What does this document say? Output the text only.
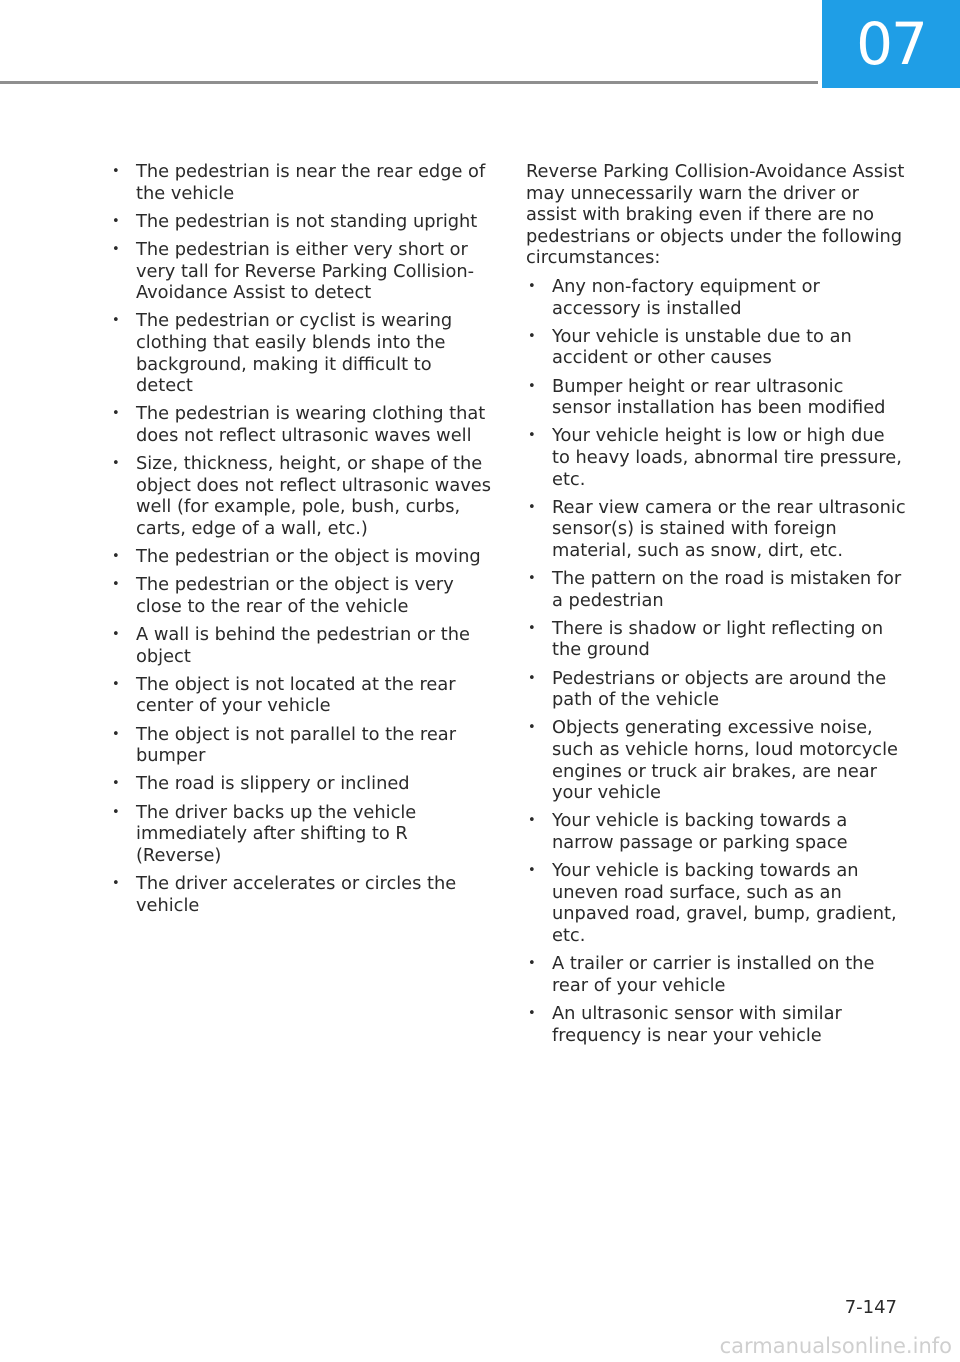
07
• The pedestrian is near the rear edge of the vehicle
• The pedestrian is not standing upright
• The pedestrian is either very short or very tall for Reverse Parking Collision-Avoidance Assist to detect
• The pedestrian or cyclist is wearing clothing that easily blends into the background, making it difficult to detect
• The pedestrian is wearing clothing that does not reflect ultrasonic waves well
• Size, thickness, height, or shape of the object does not reflect ultrasonic waves well (for example, pole, bush, curbs, carts, edge of a wall, etc.)
• The pedestrian or the object is moving
• The pedestrian or the object is very close to the rear of the vehicle
• A wall is behind the pedestrian or the object
• The object is not located at the rear center of your vehicle
• The object is not parallel to the rear bumper
• The road is slippery or inclined
• The driver backs up the vehicle immediately after shifting to R (Reverse)
• The driver accelerates or circles the vehicle

Reverse Parking Collision-Avoidance Assist may unnecessarily warn the driver or assist with braking even if there are no pedestrians or objects under the following circumstances:

• Any non-factory equipment or accessory is installed
• Your vehicle is unstable due to an accident or other causes
• Bumper height or rear ultrasonic sensor installation has been modified
• Your vehicle height is low or high due to heavy loads, abnormal tire pressure, etc.
• Rear view camera or the rear ultrasonic sensor(s) is stained with foreign material, such as snow, dirt, etc.
• The pattern on the road is mistaken for a pedestrian
• There is shadow or light reflecting on the ground
• Pedestrians or objects are around the path of the vehicle
• Objects generating excessive noise, such as vehicle horns, loud motorcycle engines or truck air brakes, are near your vehicle
• Your vehicle is backing towards a narrow passage or parking space
• Your vehicle is backing towards an uneven road surface, such as an unpaved road, gravel, bump, gradient, etc.
• A trailer or carrier is installed on the rear of your vehicle
• An ultrasonic sensor with similar frequency is near your vehicle
7-147
carmanualsonline.info
